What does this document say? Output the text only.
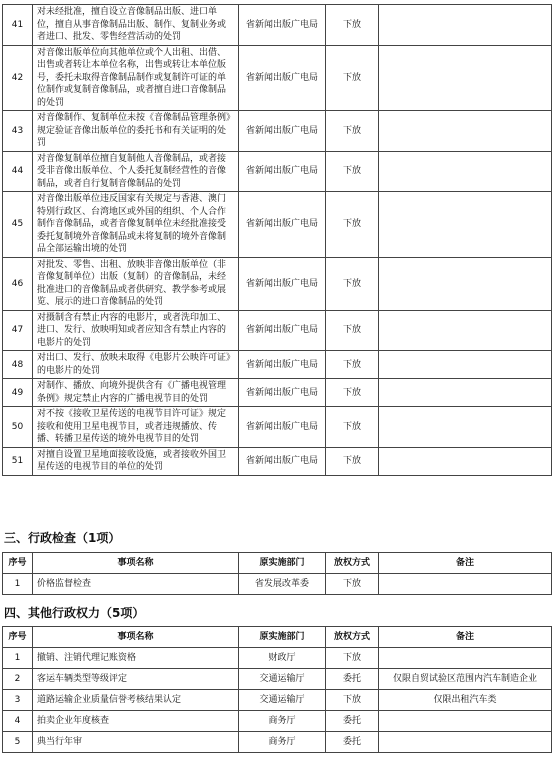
41	对未经批准，擅自设立音像制品出版、进口单位，擅自从事音像制品出版、制作、复制业务或者进口、批发、零售经营活动的处罚	省新闻出版广电局	下放	
42	对音像出版单位向其他单位或个人出租、出借、出售或者转让本单位名称，出售或转让本单位版号，委托未取得音像制品制作或复制许可证的单位制作或复制音像制品，或者擅自进口音像制品的处罚	省新闻出版广电局	下放	
43	对音像制作、复制单位未按《音像制品管理条例》规定验证音像出版单位的委托书和有关证明的处罚	省新闻出版广电局	下放	
44	对音像复制单位擅自复制他人音像制品，或者接受非音像出版单位、个人委托复制经营性的音像制品，或者自行复制音像制品的处罚	省新闻出版广电局	下放	
45	对音像出版单位违反国家有关规定与香港、澳门特别行政区、台湾地区或外国的组织、个人合作制作音像制品，或者音像复制单位未经批准接受委托复制境外音像制品或未将复制的境外音像制品全部运输出境的处罚	省新闻出版广电局	下放	
46	对批发、零售、出租、放映非音像出版单位（非音像复制单位）出版（复制）的音像制品，未经批准进口的音像制品或者供研究、教学参考或展览、展示的进口音像制品的处罚	省新闻出版广电局	下放	
47	对摄制含有禁止内容的电影片，或者洗印加工、进口、发行、放映明知或者应知含有禁止内容的电影片的处罚	省新闻出版广电局	下放	
48	对出口、发行、放映未取得《电影片公映许可证》的电影片的处罚	省新闻出版广电局	下放	
49	对制作、播放、向境外提供含有《广播电视管理条例》规定禁止内容的广播电视节目的处罚	省新闻出版广电局	下放	
50	对不按《接收卫星传送的电视节目许可证》规定接收和使用卫星电视节目，或者违规播放、传播、转播卫星传送的境外电视节目的处罚	省新闻出版广电局	下放	
51	对擅自设置卫星地面接收设施，或者接收外国卫星传送的电视节目的单位的处罚	省新闻出版广电局	下放	
三、行政检查（1项）
序号	事项名称	原实施部门	放权方式	备注
1	价格监督检查	省发展改革委	下放	
四、其他行政权力（5项）
序号	事项名称	原实施部门	放权方式	备注
1	撤销、注销代理记账资格	财政厅	下放	
2	客运车辆类型等级评定	交通运输厅	委托	仅限自贸试验区范围内汽车制造企业
3	道路运输企业质量信誉考核结果认定	交通运输厅	下放	仅限出租汽车类
4	拍卖企业年度核查	商务厅	委托	
5	典当行年审	商务厅	委托	
